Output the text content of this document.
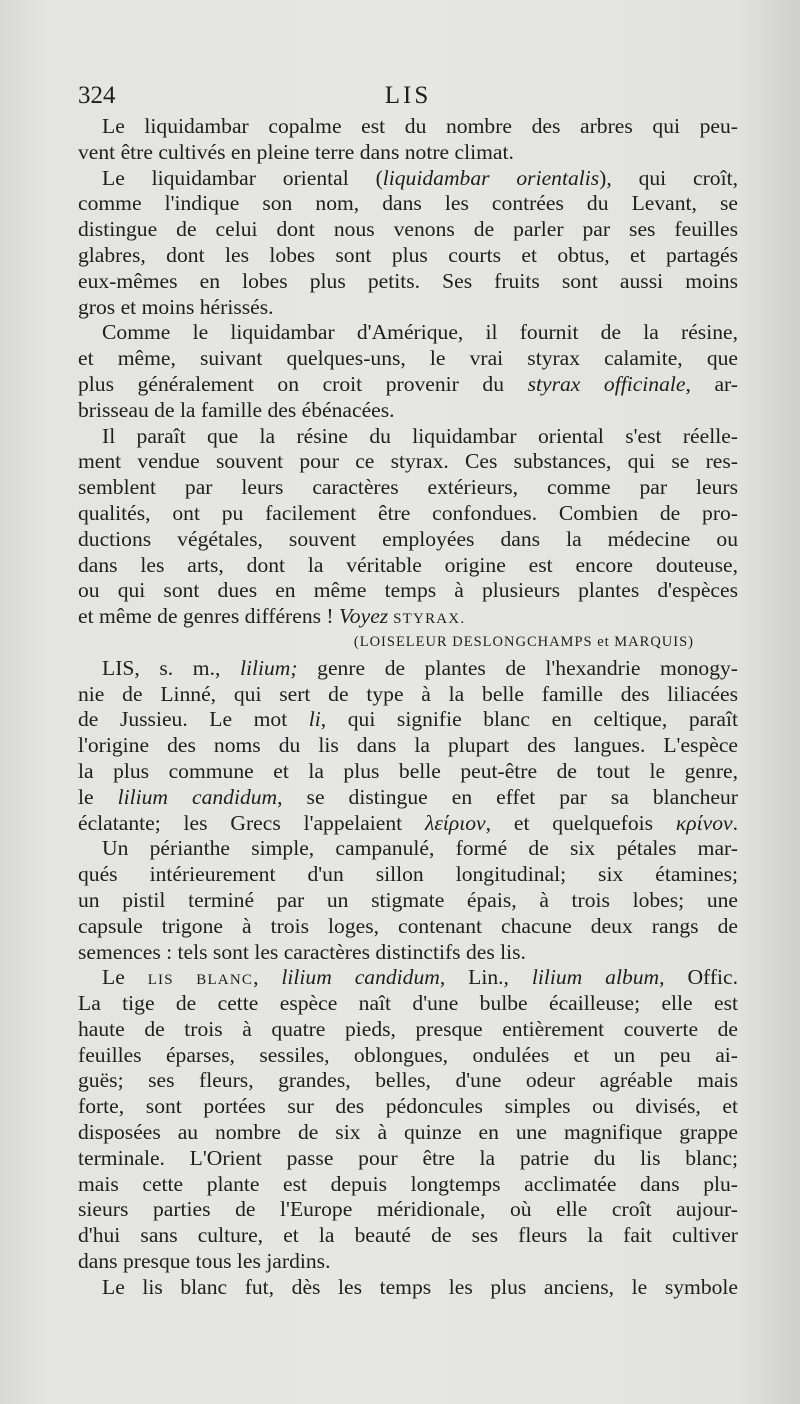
324	LIS
Le liquidambar copalme est du nombre des arbres qui peu-
vent être cultivés en pleine terre dans notre climat.
Le liquidambar oriental (liquidambar orientalis), qui croît,
comme l'indique son nom, dans les contrées du Levant, se
distingue de celui dont nous venons de parler par ses feuilles
glabres, dont les lobes sont plus courts et obtus, et partagés
eux-mêmes en lobes plus petits. Ses fruits sont aussi moins
gros et moins hérissés.
Comme le liquidambar d'Amérique, il fournit de la résine,
et même, suivant quelques-uns, le vrai styrax calamite, que
plus généralement on croit provenir du styrax officinale, ar-
brisseau de la famille des ébénacées.
Il paraît que la résine du liquidambar oriental s'est réelle-
ment vendue souvent pour ce styrax. Ces substances, qui se res-
semblent par leurs caractères extérieurs, comme par leurs
qualités, ont pu facilement être confondues. Combien de pro-
ductions végétales, souvent employées dans la médecine ou
dans les arts, dont la véritable origine est encore douteuse,
ou qui sont dues en même temps à plusieurs plantes d'espèces
et même de genres différens ! Voyez STYRAX.
(LOISELEUR DESLONGCHAMPS et MARQUIS)
LIS, s. m., lilium; genre de plantes de l'hexandrie monogy-
nie de Linné, qui sert de type à la belle famille des liliacées
de Jussieu. Le mot li, qui signifie blanc en celtique, paraît
l'origine des noms du lis dans la plupart des langues. L'espèce
la plus commune et la plus belle peut-être de tout le genre,
le lilium candidum, se distingue en effet par sa blancheur
éclatante; les Grecs l'appelaient λείριον, et quelquefois κρίνον.
Un périanthe simple, campanulé, formé de six pétales mar-
qués intérieurement d'un sillon longitudinal; six étamines;
un pistil terminé par un stigmate épais, à trois lobes; une
capsule trigone à trois loges, contenant chacune deux rangs de
semences : tels sont les caractères distinctifs des lis.
Le LIS BLANC, lilium candidum, Lin., lilium album, Offic.
La tige de cette espèce naît d'une bulbe écailleuse; elle est
haute de trois à quatre pieds, presque entièrement couverte de
feuilles éparses, sessiles, oblongues, ondulées et un peu ai-
guës; ses fleurs, grandes, belles, d'une odeur agréable mais
forte, sont portées sur des pédoncules simples ou divisés, et
disposées au nombre de six à quinze en une magnifique grappe
terminale. L'Orient passe pour être la patrie du lis blanc;
mais cette plante est depuis longtemps acclimatée dans plu-
sieurs parties de l'Europe méridionale, où elle croît aujour-
d'hui sans culture, et la beauté de ses fleurs la fait cultiver
dans presque tous les jardins.
Le lis blanc fut, dès les temps les plus anciens, le symbole
